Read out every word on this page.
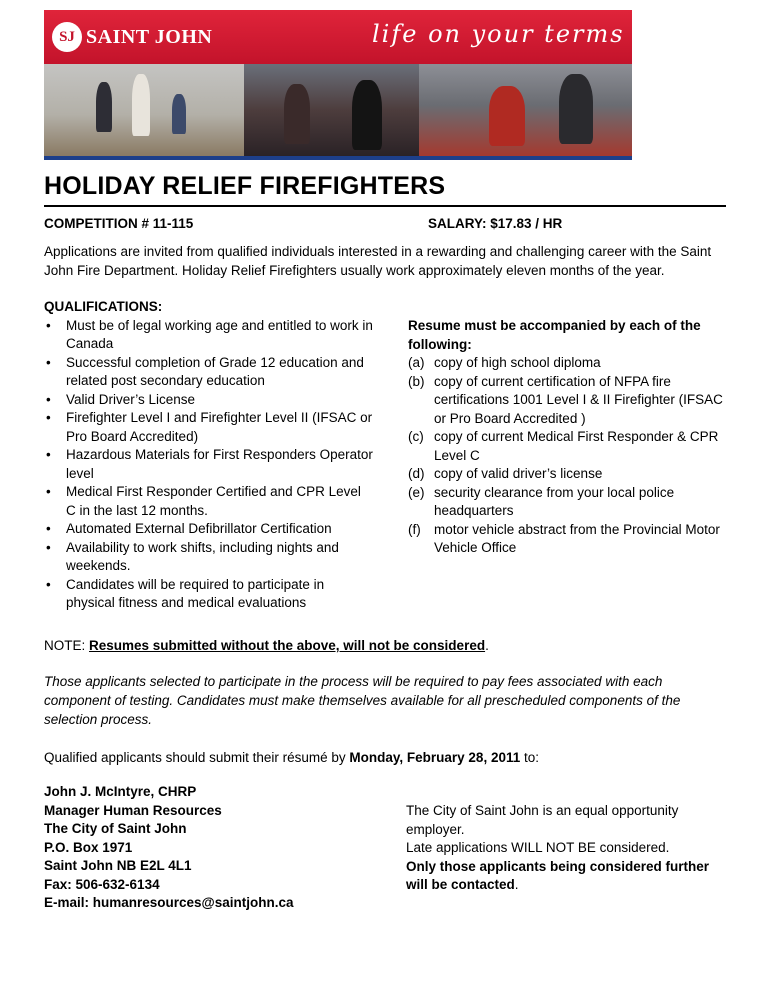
SJ SAINT JOHN	life on your terms
HOLIDAY RELIEF FIREFIGHTERS
COMPETITION # 11-115	SALARY: $17.83 / HR
Applications are invited from qualified individuals interested in a rewarding and challenging career with the Saint John Fire Department. Holiday Relief Firefighters usually work approximately eleven months of the year.
QUALIFICATIONS:
• Must be of legal working age and entitled to work in Canada
• Successful completion of Grade 12 education and related post secondary education
• Valid Driver’s License
• Firefighter Level I and Firefighter Level II (IFSAC or Pro Board Accredited)
• Hazardous Materials for First Responders Operator level
• Medical First Responder Certified and CPR Level C in the last 12 months.
• Automated External Defibrillator Certification
• Availability to work shifts, including nights and weekends.
• Candidates will be required to participate in physical fitness and medical evaluations
Resume must be accompanied by each of the following:
(a) copy of high school diploma
(b) copy of current certification of NFPA fire certifications 1001 Level I & II Firefighter (IFSAC or Pro Board Accredited )
(c) copy of current Medical First Responder & CPR Level C
(d) copy of valid driver’s license
(e) security clearance from your local police headquarters
(f) motor vehicle abstract from the Provincial Motor Vehicle Office
NOTE: Resumes submitted without the above, will not be considered.
Those applicants selected to participate in the process will be required to pay fees associated with each component of testing. Candidates must make themselves available for all prescheduled components of the selection process.
Qualified applicants should submit their résumé by Monday, February 28, 2011 to:
John J. McIntyre, CHRP
Manager Human Resources
The City of Saint John
P.O. Box 1971
Saint John NB E2L 4L1
Fax: 506-632-6134
E-mail: humanresources@saintjohn.ca
The City of Saint John is an equal opportunity employer.
Late applications WILL NOT BE considered.
Only those applicants being considered further will be contacted.
